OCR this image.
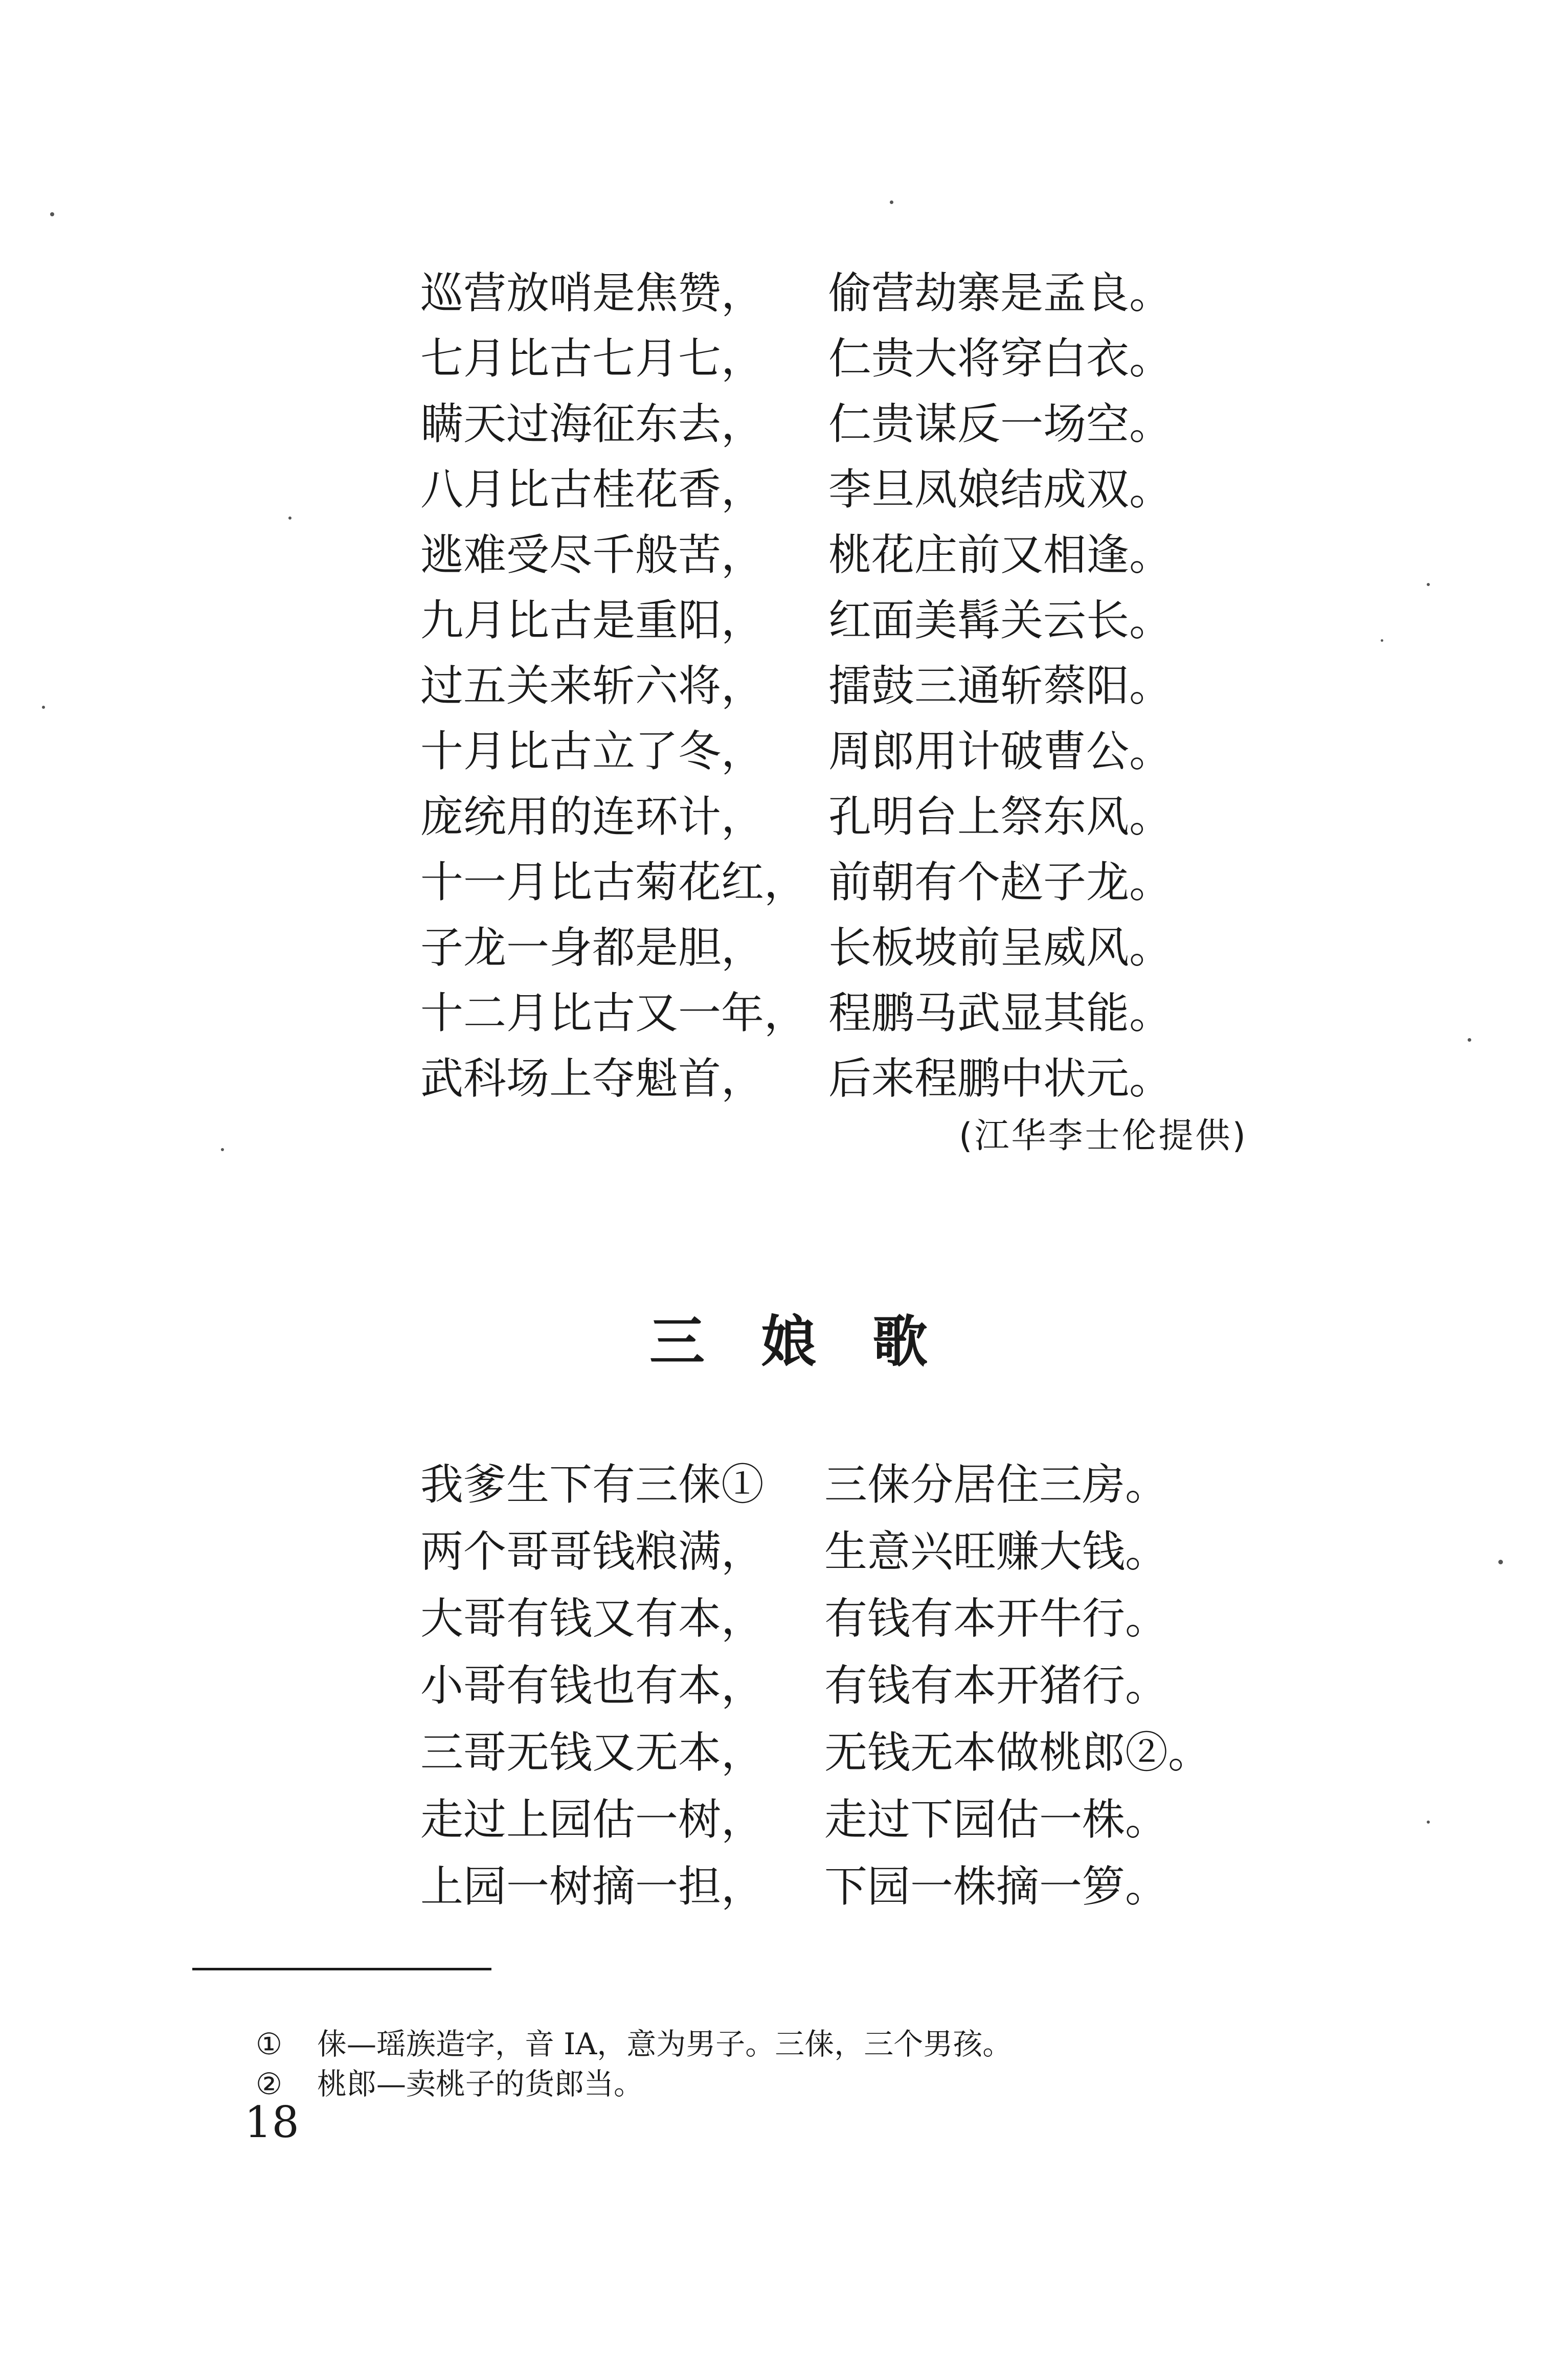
巡营放哨是焦赞， 偷营劫寨是孟良。
七月比古七月七， 仁贵大将穿白衣。
瞒天过海征东去， 仁贵谋反一场空。
八月比古桂花香， 李旦凤娘结成双。
逃难受尽千般苦， 桃花庄前又相逢。
九月比古是重阳， 红面美髯关云长。
过五关来斩六将， 擂鼓三通斩蔡阳。
十月比古立了冬， 周郎用计破曹公。
庞统用的连环计， 孔明台上祭东风。
十一月比古菊花红， 前朝有个赵子龙。
子龙一身都是胆， 长板坡前呈威风。
十二月比古又一年， 程鹏马武显其能。
武科场上夺魁首， 后来程鹏中状元。
(江华李士伦提供)
三娘歌
我爹生下有三俫① 三俫分居住三房。
两个哥哥钱粮满， 生意兴旺赚大钱。
大哥有钱又有本， 有钱有本开牛行。
小哥有钱也有本， 有钱有本开猪行。
三哥无钱又无本， 无钱无本做桃郎②。
走过上园估一树， 走过下园估一株。
上园一树摘一担， 下园一株摘一箩。
① 俫—瑶族造字，音 IA，意为男子。三俫，三个男孩。
② 桃郎—卖桃子的货郎当。
18
